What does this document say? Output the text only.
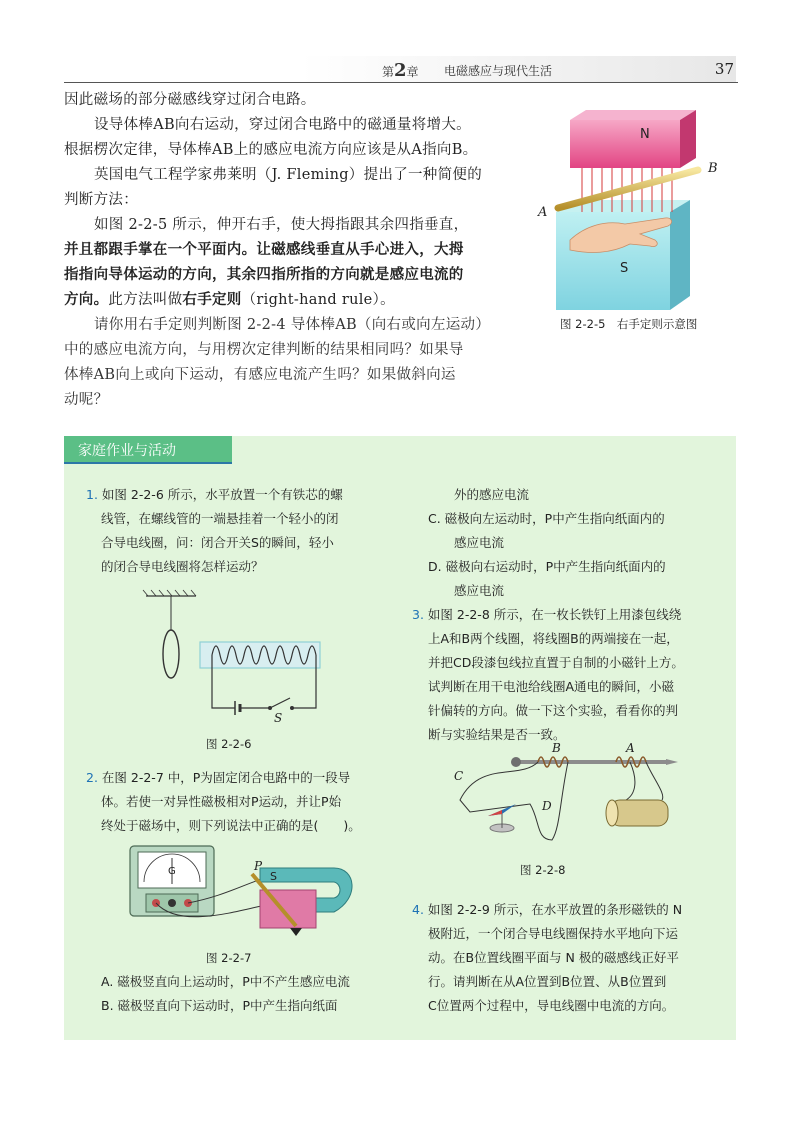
第2章 电磁感应与现代生活	37
因此磁场的部分磁感线穿过闭合电路。
设导体棒AB向右运动，穿过闭合电路中的磁通量将增大。
根据楞次定律，导体棒AB上的感应电流方向应该是从A指向B。
英国电气工程学家弗莱明（J. Fleming）提出了一种简便的
判断方法：
如图 2-2-5 所示，伸开右手，使大拇指跟其余四指垂直，
并且都跟手掌在一个平面内。让磁感线垂直从手心进入，大拇
指指向导体运动的方向，其余四指所指的方向就是感应电流的
方向。此方法叫做右手定则（right-hand rule）。
请你用右手定则判断图 2-2-4 导体棒AB（向右或向左运动）
中的感应电流方向，与用楞次定律判断的结果相同吗？如果导
体棒AB向上或向下运动，有感应电流产生吗？如果做斜向运
动呢？
N
S
A
B
图 2-2-5　右手定则示意图
家庭作业与活动
1. 如图 2-2-6 所示，水平放置一个有铁芯的螺
线管，在螺线管的一端悬挂着一个轻小的闭
合导电线圈，问：闭合开关S的瞬间，轻小
的闭合导电线圈将怎样运动？
S
图 2-2-6
2. 在图 2-2-7 中，P为固定闭合电路中的一段导
体。若使一对异性磁极相对P运动，并让P始
终处于磁场中，则下列说法中正确的是(　　)。
G	S
P
图 2-2-7
A. 磁极竖直向上运动时，P中不产生感应电流
B. 磁极竖直向下运动时，P中产生指向纸面
外的感应电流
C. 磁极向左运动时，P中产生指向纸面内的
感应电流
D. 磁极向右运动时，P中产生指向纸面内的
感应电流
3. 如图 2-2-8 所示，在一枚长铁钉上用漆包线绕
上A和B两个线圈，将线圈B的两端接在一起，
并把CD段漆包线拉直置于自制的小磁针上方。
试判断在用干电池给线圈A通电的瞬间，小磁
针偏转的方向。做一下这个实验，看看你的判
断与实验结果是否一致。
B	A
C
D
图 2-2-8
4. 如图 2-2-9 所示，在水平放置的条形磁铁的 N
极附近，一个闭合导电线圈保持水平地向下运
动。在B位置线圈平面与 N 极的磁感线正好平
行。请判断在从A位置到B位置、从B位置到
C位置两个过程中，导电线圈中电流的方向。
